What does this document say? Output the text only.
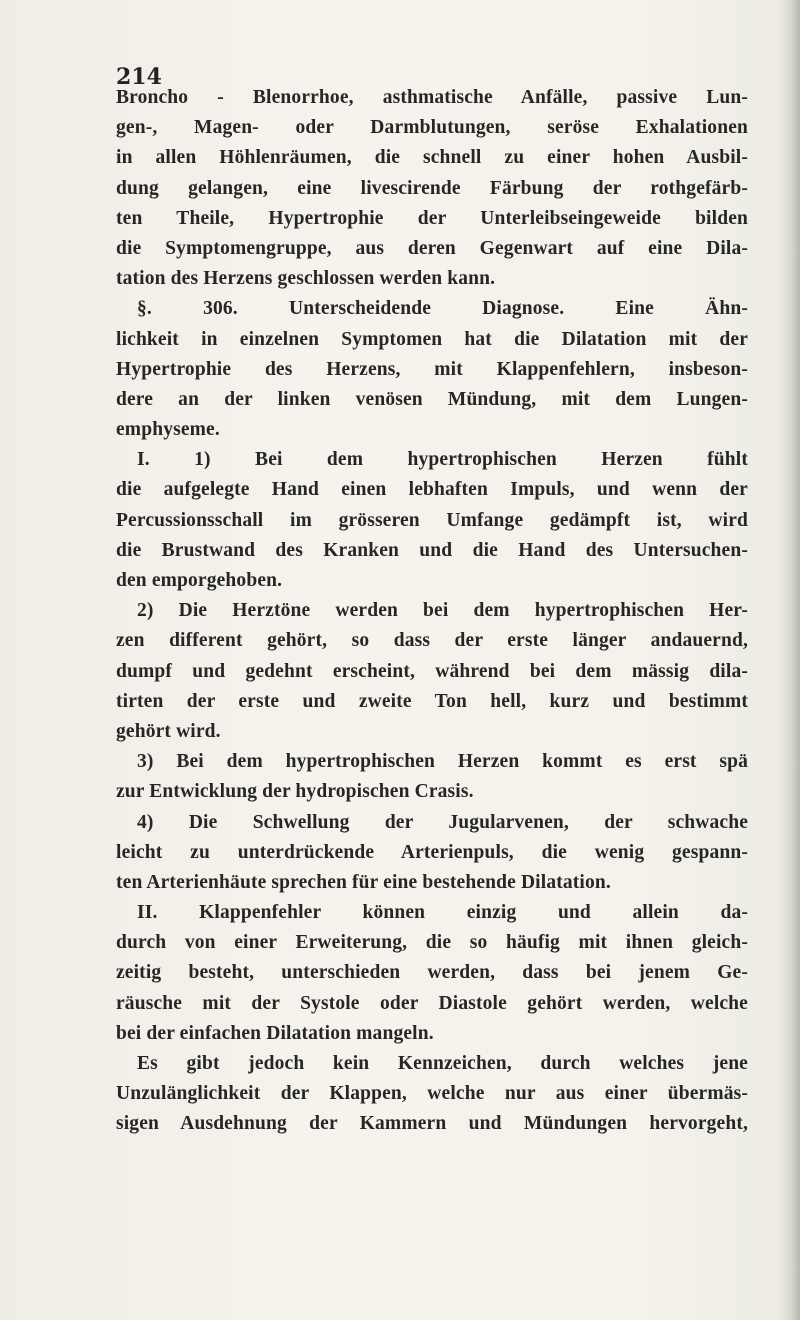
214
Broncho - Blenorrhoe, asthmatische Anfälle, passive Lun-
gen-, Magen- oder Darmblutungen, seröse Exhalationen
in allen Höhlenräumen, die schnell zu einer hohen Ausbil-
dung gelangen, eine livescirende Färbung der rothgefärb-
ten Theile, Hypertrophie der Unterleibseingeweide bilden
die Symptomengruppe, aus deren Gegenwart auf eine Dila-
tation des Herzens geschlossen werden kann.
§. 306. Unterscheidende Diagnose. Eine Ähn-
lichkeit in einzelnen Symptomen hat die Dilatation mit der
Hypertrophie des Herzens, mit Klappenfehlern, insbeson-
dere an der linken venösen Mündung, mit dem Lungen-
emphyseme.
I. 1) Bei dem hypertrophischen Herzen fühlt
die aufgelegte Hand einen lebhaften Impuls, und wenn der
Percussionsschall im grösseren Umfange gedämpft ist, wird
die Brustwand des Kranken und die Hand des Untersuchen-
den emporgehoben.
2) Die Herztöne werden bei dem hypertrophischen Her-
zen different gehört, so dass der erste länger andauernd,
dumpf und gedehnt erscheint, während bei dem mässig dila-
tirten der erste und zweite Ton hell, kurz und bestimmt
gehört wird.
3) Bei dem hypertrophischen Herzen kommt es erst spä
zur Entwicklung der hydropischen Crasis.
4) Die Schwellung der Jugularvenen, der schwache
leicht zu unterdrückende Arterienpuls, die wenig gespann-
ten Arterienhäute sprechen für eine bestehende Dilatation.
II. Klappenfehler können einzig und allein da-
durch von einer Erweiterung, die so häufig mit ihnen gleich-
zeitig besteht, unterschieden werden, dass bei jenem Ge-
räusche mit der Systole oder Diastole gehört werden, welche
bei der einfachen Dilatation mangeln.
Es gibt jedoch kein Kennzeichen, durch welches jene
Unzulänglichkeit der Klappen, welche nur aus einer übermäs-
sigen Ausdehnung der Kammern und Mündungen hervorgeht,
